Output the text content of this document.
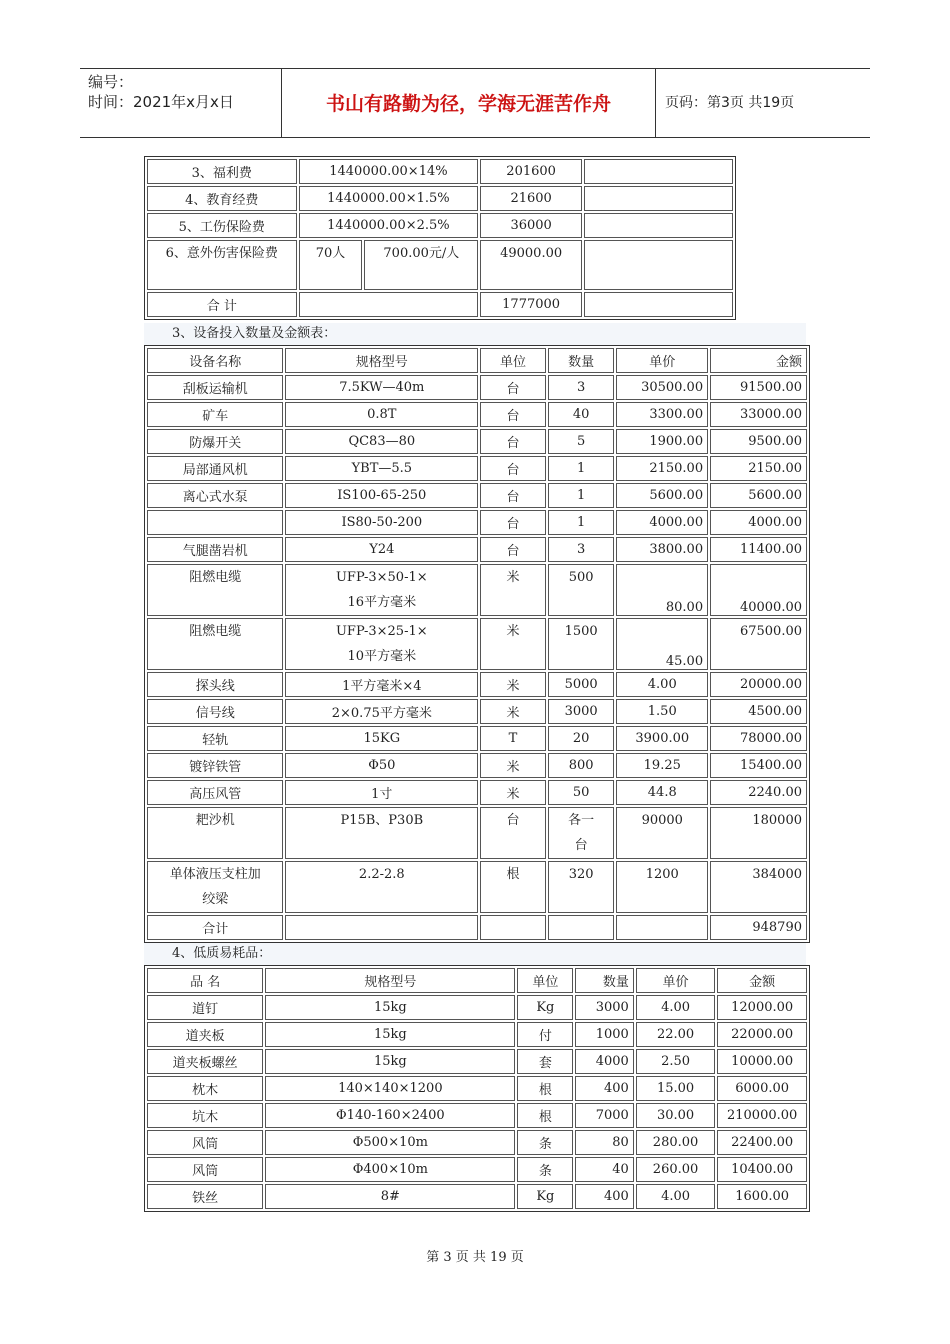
编号：
时间：2021年x月x日	书山有路勤为径，学海无涯苦作舟	页码：第3页 共19页
3、福利费	1440000.00×14%		201600	
4、教育经费	1440000.00×1.5%		21600	
5、工伤保险费	1440000.00×2.5%		36000	
6、意外伤害保险费	70人	700.00元/人	49000.00	
合 计			1777000	
3、设备投入数量及金额表：
设备名称	规格型号	单位	数量	单价	金额
刮板运输机	7.5KW—40m	台	3	30500.00	91500.00
矿车	0.8T	台	40	3300.00	33000.00
防爆开关	QC83—80	台	5	1900.00	9500.00
局部通风机	YBT—5.5	台	1	2150.00	2150.00
离心式水泵	IS100-65-250	台	1	5600.00	5600.00
	IS80-50-200	台	1	4000.00	4000.00
气腿凿岩机	Y24	台	3	3800.00	11400.00
阻燃电缆	UFP-3×50-1×
16平方毫米	米	500	80.00	40000.00
阻燃电缆	UFP-3×25-1×
10平方毫米	米	1500	45.00	67500.00
探头线	1平方毫米×4	米	5000	4.00	20000.00
信号线	2×0.75平方毫米	米	3000	1.50	4500.00
轻轨	15KG	T	20	3900.00	78000.00
镀锌铁管	Φ50	米	800	19.25	15400.00
高压风管	1寸	米	50	44.8	2240.00

耙沙机	P15B、P30B	台	各一
台	90000	180000

单体液压支柱加
绞梁	2.2-2.8	根	320	1200	384000
合计					948790
4、低质易耗品：
品 名	规格型号	单位	数量	单价	金额
道钉	15kg	Kg	3000	4.00	12000.00
道夹板	15kg	付	1000	22.00	22000.00
道夹板螺丝	15kg	套	4000	2.50	10000.00
枕木	140×140×1200	根	400	15.00	6000.00
坑木	Φ140-160×2400	根	7000	30.00	210000.00
风筒	Φ500×10m	条	80	280.00	22400.00
风筒	Φ400×10m	条	40	260.00	10400.00
铁丝	8#	Kg	400	4.00	1600.00
第 3 页 共 19 页
